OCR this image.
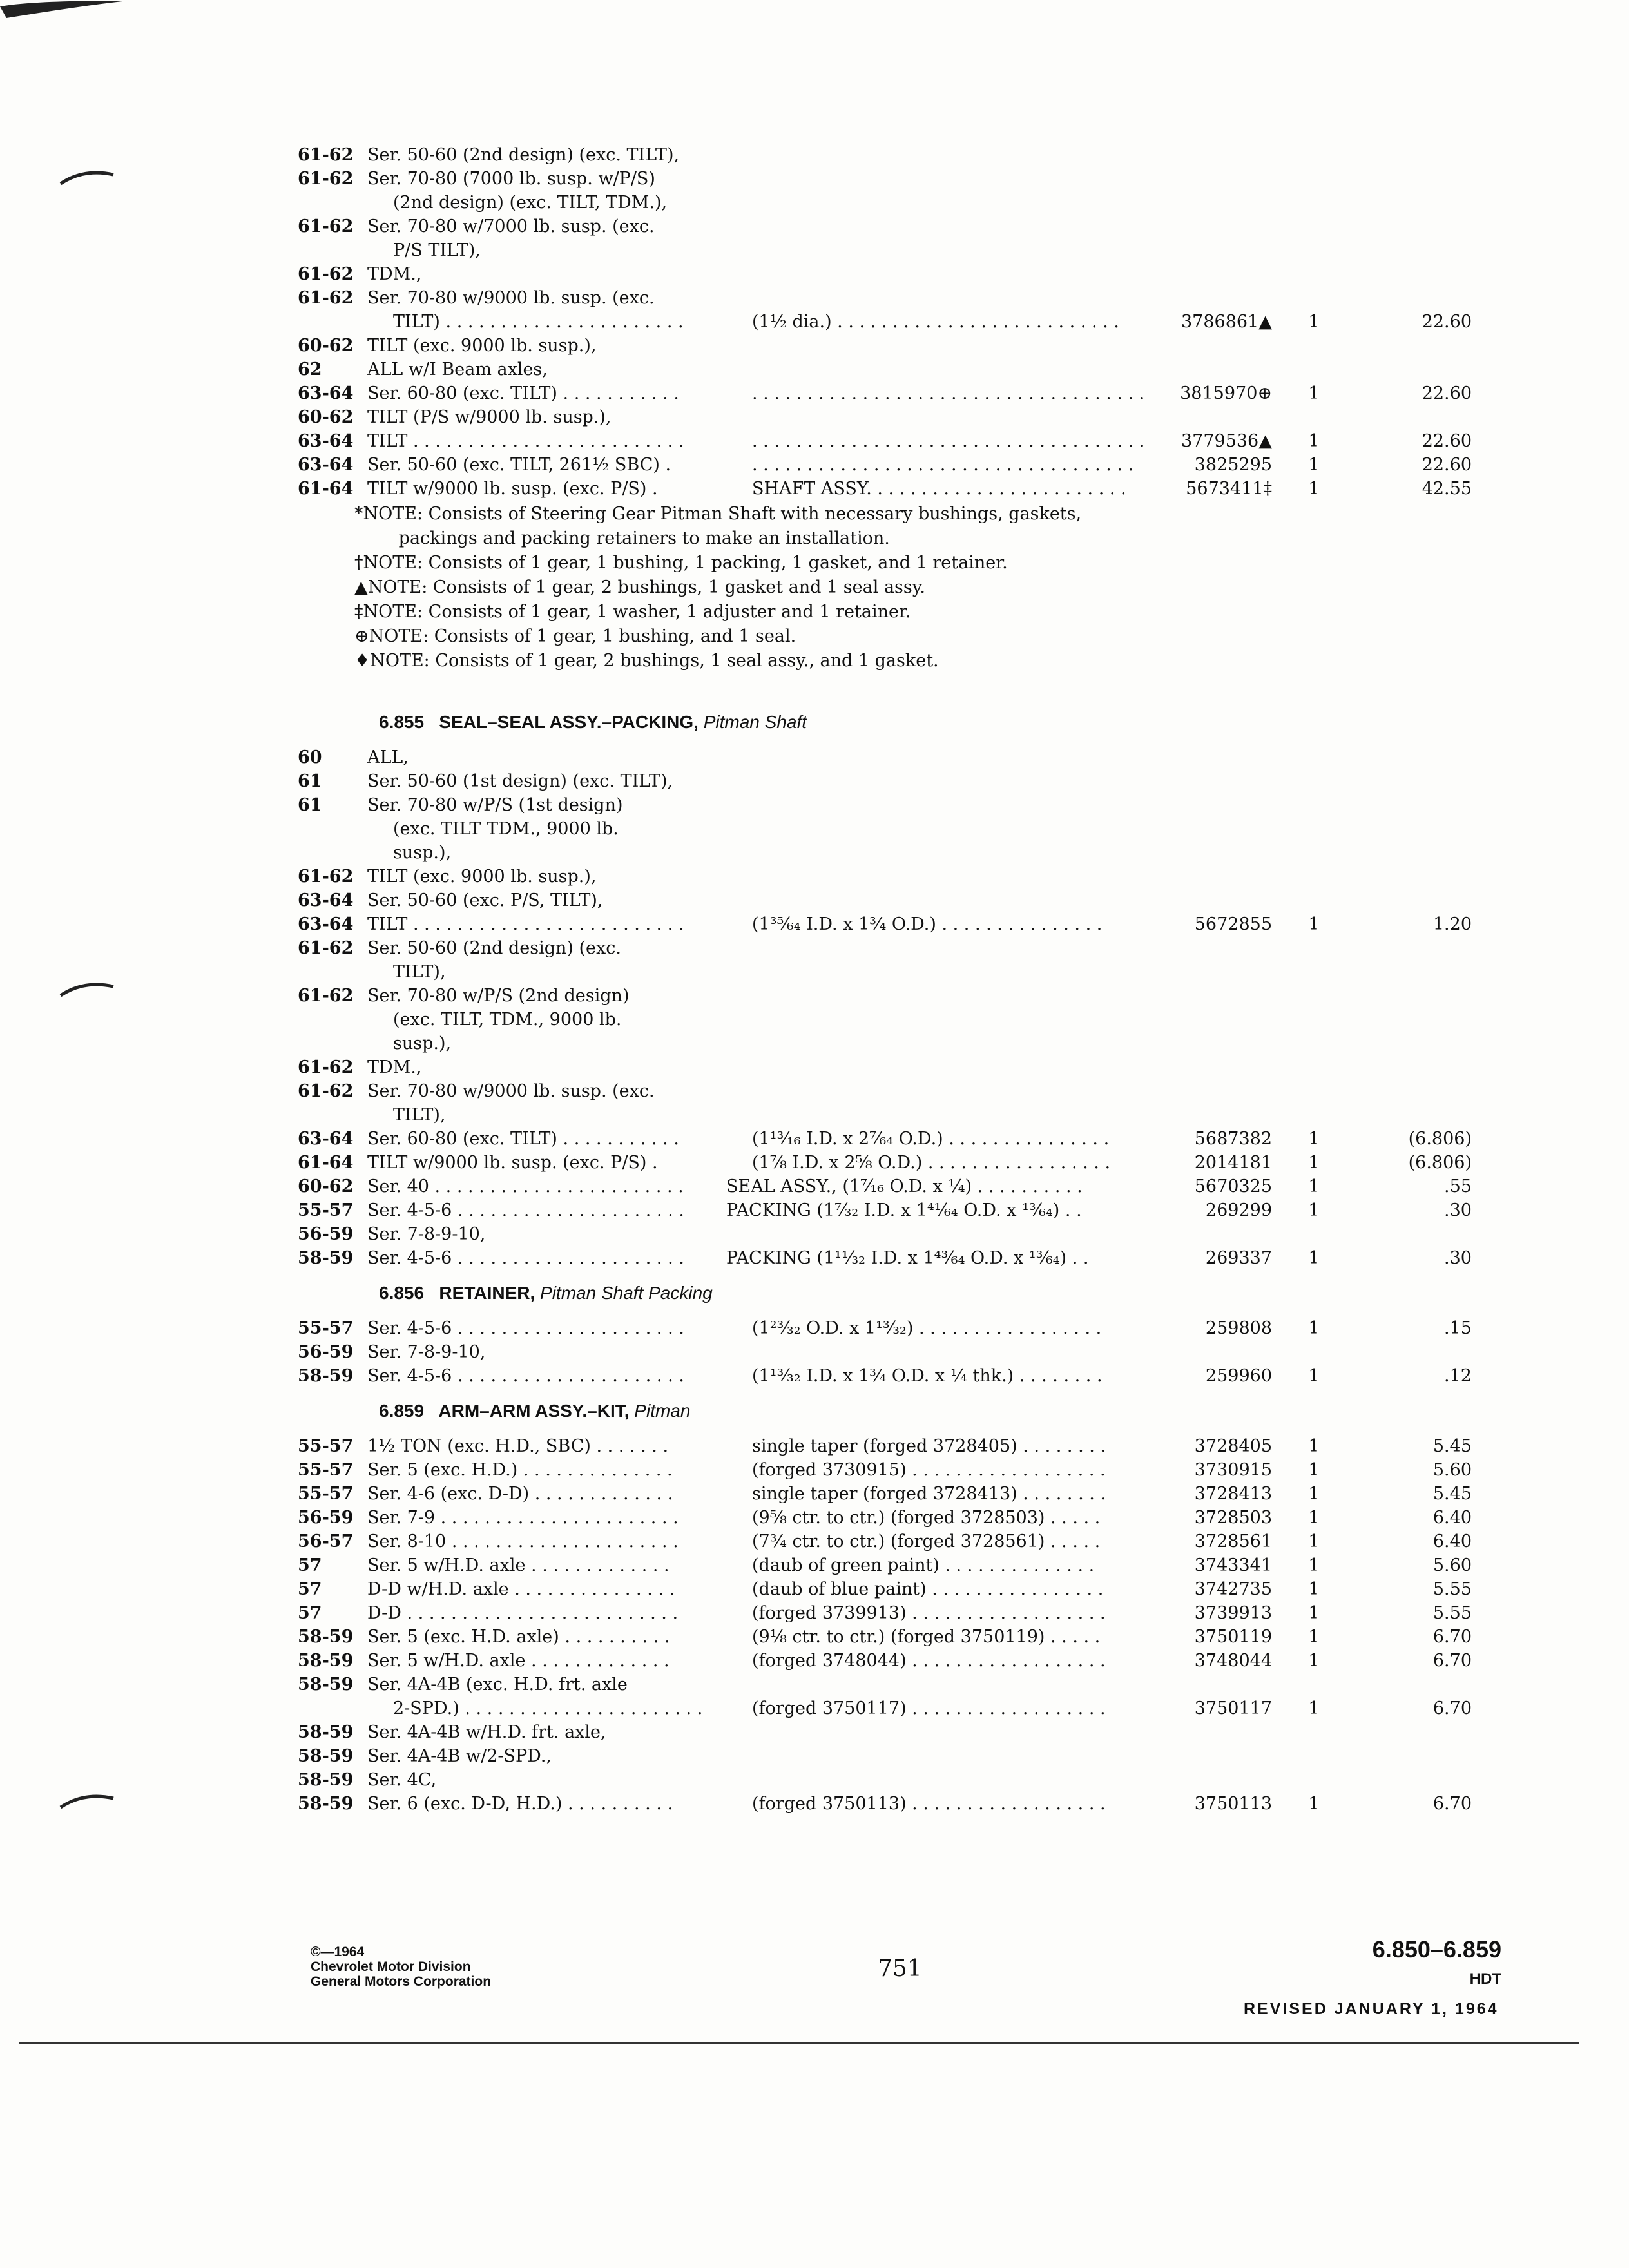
61-62 Ser. 50-60 (2nd design) (exc. TILT),
61-62 Ser. 70-80 (7000 lb. susp. w/P/S)
(2nd design) (exc. TILT, TDM.),
61-62 Ser. 70-80 w/7000 lb. susp. (exc.
P/S TILT),
61-62 TDM.,
61-62 Ser. 70-80 w/9000 lb. susp. (exc.
TILT) . . . . . . . . . . . . . . . . . . . . . .	(1½ dia.) . . . . . . . . . . . . . . . . . . . . . . . . . .	3786861▲ 1	22.60
60-62 TILT (exc. 9000 lb. susp.),
62	ALL w/I Beam axles,
63-64 Ser. 60-80 (exc. TILT) . . . . . . . . . . .	. . . . . . . . . . . . . . . . . . . . . . . . . . . . . . . . . . . .	3815970⊕ 1	22.60
60-62 TILT (P/S w/9000 lb. susp.),
63-64 TILT . . . . . . . . . . . . . . . . . . . . . . . . .	. . . . . . . . . . . . . . . . . . . . . . . . . . . . . . . . . . . .	3779536▲ 1	22.60
63-64 Ser. 50-60 (exc. TILT, 261½ SBC) .	. . . . . . . . . . . . . . . . . . . . . . . . . . . . . . . . . . .	3825295 1	22.60
61-64 TILT w/9000 lb. susp. (exc. P/S) .	SHAFT ASSY. . . . . . . . . . . . . . . . . . . . . . . .	5673411‡ 1	42.55
*NOTE: Consists of Steering Gear Pitman Shaft with necessary bushings, gaskets,
packings and packing retainers to make an installation.
†NOTE: Consists of 1 gear, 1 bushing, 1 packing, 1 gasket, and 1 retainer.
▲NOTE: Consists of 1 gear, 2 bushings, 1 gasket and 1 seal assy.
‡NOTE: Consists of 1 gear, 1 washer, 1 adjuster and 1 retainer.
⊕NOTE: Consists of 1 gear, 1 bushing, and 1 seal.
♦NOTE: Consists of 1 gear, 2 bushings, 1 seal assy., and 1 gasket.
6.855 SEAL–SEAL ASSY.–PACKING, Pitman Shaft
60	ALL,
61	Ser. 50-60 (1st design) (exc. TILT),
61	Ser. 70-80 w/P/S (1st design)
(exc. TILT TDM., 9000 lb.
susp.),
61-62 TILT (exc. 9000 lb. susp.),
63-64 Ser. 50-60 (exc. P/S, TILT),
63-64 TILT . . . . . . . . . . . . . . . . . . . . . . . . .	(1³⁵⁄₆₄ I.D. x 1¾ O.D.) . . . . . . . . . . . . . . .	5672855 1	1.20
61-62 Ser. 50-60 (2nd design) (exc.
TILT),
61-62 Ser. 70-80 w/P/S (2nd design)
(exc. TILT, TDM., 9000 lb.
susp.),
61-62 TDM.,
61-62 Ser. 70-80 w/9000 lb. susp. (exc.
TILT),
63-64 Ser. 60-80 (exc. TILT) . . . . . . . . . . .	(1¹³⁄₁₆ I.D. x 2⁷⁄₆₄ O.D.) . . . . . . . . . . . . . . .	5687382 1	(6.806)
61-64 TILT w/9000 lb. susp. (exc. P/S) .	(1⅞ I.D. x 2⅝ O.D.) . . . . . . . . . . . . . . . . .	2014181 1	(6.806)
60-62 Ser. 40 . . . . . . . . . . . . . . . . . . . . . . . SEAL ASSY., (1⁷⁄₁₆ O.D. x ¼) . . . . . . . . . .	5670325 1	.55
55-57 Ser. 4-5-6 . . . . . . . . . . . . . . . . . . . . . PACKING (1⁷⁄₃₂ I.D. x 1⁴¹⁄₆₄ O.D. x ¹³⁄₆₄) . .	269299 1	.30
56-59 Ser. 7-8-9-10,
58-59 Ser. 4-5-6 . . . . . . . . . . . . . . . . . . . . . PACKING (1¹¹⁄₃₂ I.D. x 1⁴³⁄₆₄ O.D. x ¹³⁄₆₄) . .	269337 1	.30
6.856 RETAINER, Pitman Shaft Packing
55-57 Ser. 4-5-6 . . . . . . . . . . . . . . . . . . . . .	(1²³⁄₃₂ O.D. x 1¹³⁄₃₂) . . . . . . . . . . . . . . . . .	259808 1	.15
56-59 Ser. 7-8-9-10,
58-59 Ser. 4-5-6 . . . . . . . . . . . . . . . . . . . . .	(1¹³⁄₃₂ I.D. x 1¾ O.D. x ¼ thk.) . . . . . . . .	259960 1	.12
6.859 ARM–ARM ASSY.–KIT, Pitman
55-57 1½ TON (exc. H.D., SBC) . . . . . . .	single taper (forged 3728405) . . . . . . . .	3728405 1	5.45
55-57 Ser. 5 (exc. H.D.) . . . . . . . . . . . . . .	(forged 3730915) . . . . . . . . . . . . . . . . . .	3730915 1	5.60
55-57 Ser. 4-6 (exc. D-D) . . . . . . . . . . . . .	single taper (forged 3728413) . . . . . . . .	3728413 1	5.45
56-59 Ser. 7-9 . . . . . . . . . . . . . . . . . . . . . .	(9⅝ ctr. to ctr.) (forged 3728503) . . . . .	3728503 1	6.40
56-57 Ser. 8-10 . . . . . . . . . . . . . . . . . . . . .	(7¾ ctr. to ctr.) (forged 3728561) . . . . .	3728561 1	6.40
57	Ser. 5 w/H.D. axle . . . . . . . . . . . . .	(daub of green paint) . . . . . . . . . . . . . .	3743341 1	5.60
57	D-D w/H.D. axle . . . . . . . . . . . . . . .	(daub of blue paint) . . . . . . . . . . . . . . . .	3742735 1	5.55
57	D-D . . . . . . . . . . . . . . . . . . . . . . . . .	(forged 3739913) . . . . . . . . . . . . . . . . . .	3739913 1	5.55
58-59 Ser. 5 (exc. H.D. axle) . . . . . . . . . .	(9⅛ ctr. to ctr.) (forged 3750119) . . . . .	3750119 1	6.70
58-59 Ser. 5 w/H.D. axle . . . . . . . . . . . . .	(forged 3748044) . . . . . . . . . . . . . . . . . .	3748044 1	6.70
58-59 Ser. 4A-4B (exc. H.D. frt. axle
2-SPD.) . . . . . . . . . . . . . . . . . . . . . .	(forged 3750117) . . . . . . . . . . . . . . . . . .	3750117 1	6.70
58-59 Ser. 4A-4B w/H.D. frt. axle,
58-59 Ser. 4A-4B w/2-SPD.,
58-59 Ser. 4C,
58-59 Ser. 6 (exc. D-D, H.D.) . . . . . . . . . .	(forged 3750113) . . . . . . . . . . . . . . . . . .	3750113 1	6.70
©—1964
Chevrolet Motor Division
General Motors Corporation	751
6.850–6.859
HDT
REVISED JANUARY 1, 1964
